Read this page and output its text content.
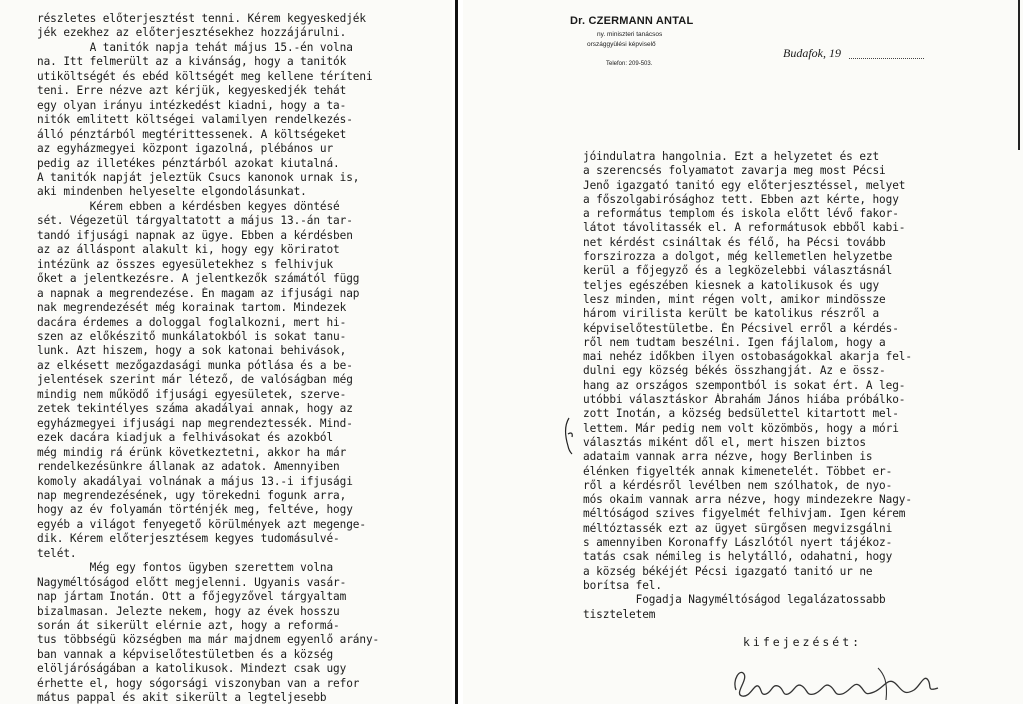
részletes előterjesztést tenni. Kérem kegyeskedjék
jék ezekhez az előterjesztésekhez hozzájárulni.
A tanitók napja tehát május 15.-én volna
na. Itt felmerült az a kivánság, hogy a tanitók
utiköltségét és ebéd költségét meg kellene téríteni
teni. Erre nézve azt kérjük, kegyeskedjék tehát
egy olyan irányu intézkedést kiadni, hogy a ta-
nitók emlitett költségei valamilyen rendelkezés-
álló pénztárból megtérittessenek. A költségeket
az egyházmegyei központ igazolná, plébános ur
pedig az illetékes pénztárból azokat kiutalná.
A tanitók napját jeleztük Csucs kanonok urnak is,
aki mindenben helyeselte elgondolásunkat.
Kérem ebben a kérdésben kegyes döntésé
sét. Végezetül tárgyaltatott a május 13.-án tar-
tandó ifjusági napnak az ügye. Ebben a kérdésben
az az álláspont alakult ki, hogy egy köriratot
intézünk az összes egyesületekhez s felhivjuk
őket a jelentkezésre. A jelentkezők számától függ
a napnak a megrendezése. Én magam az ifjusági nap
nak megrendezését még korainak tartom. Mindezek
dacára érdemes a dologgal foglalkozni, mert hi-
szen az előkészitő munkálatokból is sokat tanu-
lunk. Azt hiszem, hogy a sok katonai behivások,
az elkésett mezőgazdasági munka pótlása és a be-
jelentések szerint már létező, de valóságban még
mindig nem működő ifjusági egyesületek, szerve-
zetek tekintélyes száma akadályai annak, hogy az
egyházmegyei ifjusági nap megrendeztessék. Mind-
ezek dacára kiadjuk a felhivásokat és azokból
még mindig rá érünk következtetni, akkor ha már
rendelkezésünkre állanak az adatok. Amennyiben
komoly akadályai volnának a május 13.-i ifjusági
nap megrendezésének, ugy törekedni fogunk arra,
hogy az év folyamán történjék meg, feltéve, hogy
egyéb a világot fenyegető körülmények azt megenge-
dik. Kérem előterjesztésem kegyes tudomásulvé-
telét.
Még egy fontos ügyben szerettem volna
Nagyméltóságod előtt megjelenni. Ugyanis vasár-
nap jártam Inotán. Ott a főjegyzővel tárgyaltam
bizalmasan. Jelezte nekem, hogy az évek hosszu
során át sikerült elérnie azt, hogy a reformá-
tus többségü községben ma már majdnem egyenlő arány-
ban vannak a képviselőtestületben és a község
elöljáróságában a katolikusok. Mindezt csak ugy
érhette el, hogy sógorsági viszonyban van a refor
mátus pappal és akit sikerült a legteljesebb
Dr. CZERMANN ANTAL
ny. miniszteri tanácsos
országgyülési képviselő
Telefon: 209-503.
Budafok, 19
jóindulatra hangolnia. Ezt a helyzetet és ezt
a szerencsés folyamatot zavarja meg most Pécsi
Jenő igazgató tanitó egy előterjesztéssel, melyet
a főszolgabirósághoz tett. Ebben azt kérte, hogy
a református templom és iskola előtt lévő fakor-
látot távolitassék el. A reformátusok ebből kabi-
net kérdést csináltak és félő, ha Pécsi tovább
forszirozza a dolgot, még kellemetlen helyzetbe
kerül a főjegyző és a legközelebbi választásnál
teljes egészében kiesnek a katolikusok és ugy
lesz minden, mint régen volt, amikor mindössze
három virilista került be katolikus részről a
képviselőtestületbe. Én Pécsivel erről a kérdés-
ről nem tudtam beszélni. Igen fájlalom, hogy a
mai nehéz időkben ilyen ostobaságokkal akarja fel-
dulni egy község békés összhangját. Az e össz-
hang az országos szempontból is sokat ért. A leg-
utóbbi választáskor Ábrahám János hiába próbálko-
zott Inotán, a község bedsülettel kitartott mel-
lettem. Már pedig nem volt közömbös, hogy a móri
választás miként dől el, mert hiszen biztos
adataim vannak arra nézve, hogy Berlinben is
élénken figyelték annak kimenetelét. Többet er-
ről a kérdésről levélben nem szólhatok, de nyo-
mós okaim vannak arra nézve, hogy mindezekre Nagy-
méltóságod szives figyelmét felhivjam. Igen kérem
méltóztassék ezt az ügyet sürgősen megvizsgálni
s amennyiben Koronaffy Lászlótól nyert tájékoz-
tatás csak némileg is helytálló, odahatni, hogy
a község békéjét Pécsi igazgató tanitó ur ne
borítsa fel.
Fogadja Nagyméltóságod legalázatossabb
tiszteletem
kifejezését:
